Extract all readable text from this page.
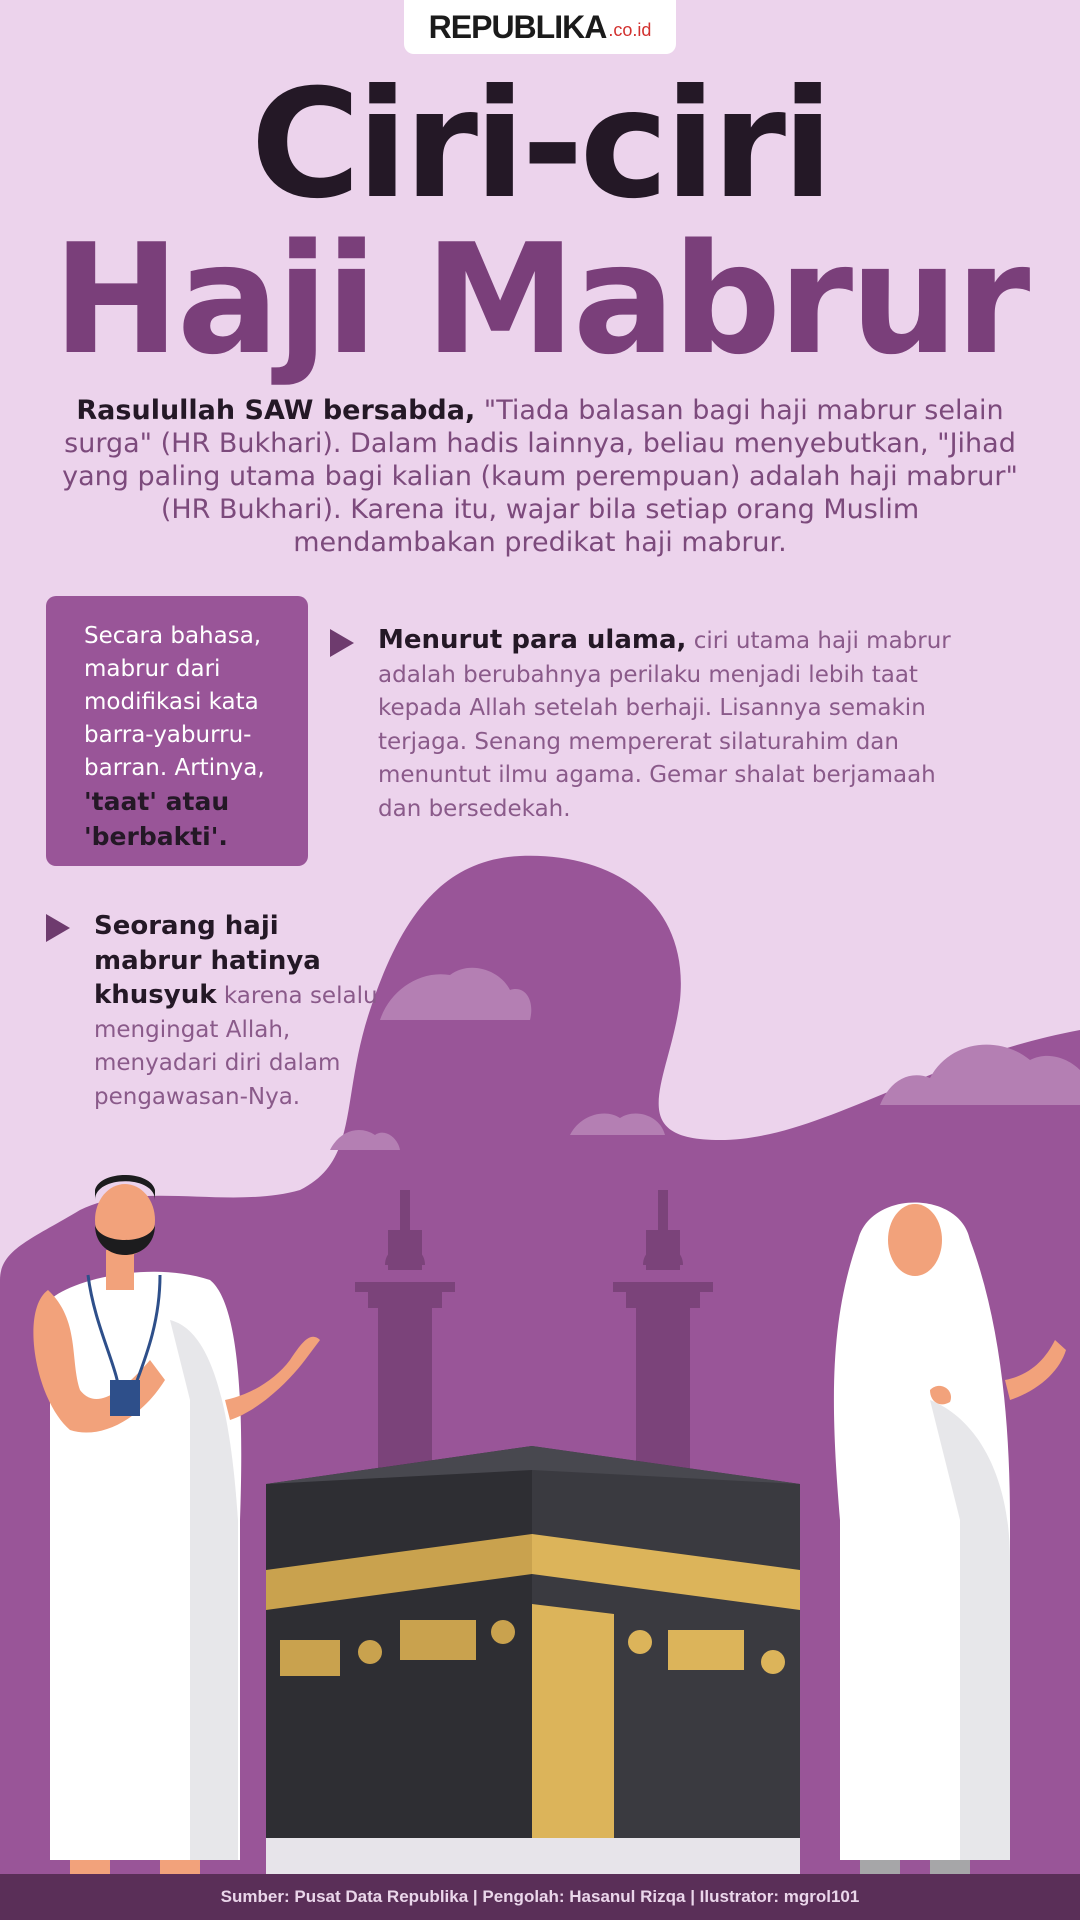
REPUBLIKA .co.id
Ciri-ciri
Haji Mabrur
Rasulullah SAW bersabda, "Tiada balasan bagi haji mabrur selain surga" (HR Bukhari). Dalam hadis lainnya, beliau menyebutkan, "Jihad yang paling utama bagi kalian (kaum perempuan) adalah haji mabrur" (HR Bukhari). Karena itu, wajar bila setiap orang Muslim mendambakan predikat haji mabrur.
Secara bahasa, mabrur dari modifikasi kata barra-yaburru-barran. Artinya, 'taat' atau 'berbakti'.
Menurut para ulama, ciri utama haji mabrur adalah berubahnya perilaku menjadi lebih taat kepada Allah setelah berhaji. Lisannya semakin terjaga. Senang mempererat silaturahim dan menuntut ilmu agama. Gemar shalat berjamaah dan bersedekah.
Seorang haji mabrur hatinya khusyuk karena selalu mengingat Allah, menyadari diri dalam pengawasan-Nya.
Sumber: Pusat Data Republika | Pengolah: Hasanul Rizqa | Ilustrator: mgrol101
